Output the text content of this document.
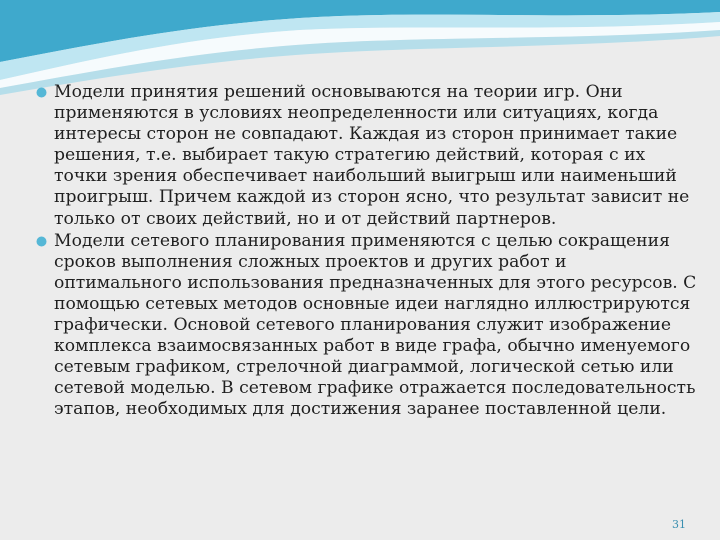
Модели принятия решений основываются на теории игр. Они применяются в условиях неопределенности или ситуациях, когда интересы сторон не совпадают. Каждая из сторон принимает такие решения, т.е. выбирает такую стратегию действий, которая с их точки зрения обеспечивает наибольший выигрыш или наименьший проигрыш. Причем каждой из сторон ясно, что результат зависит не только от своих действий, но и от действий партнеров.
Модели сетевого планирования применяются с целью сокращения сроков выполнения сложных проектов и других работ и оптимального использования предназначенных для этого ресурсов. С помощью сетевых методов основные идеи наглядно иллюстрируются графически. Основой сетевого планирования служит изображение комплекса взаимосвязанных работ в виде графа, обычно именуемого сетевым графиком, стрелочной диаграммой, логической сетью или сетевой моделью. В сетевом графике отражается последовательность этапов, необходимых для достижения заранее поставленной цели.
31
